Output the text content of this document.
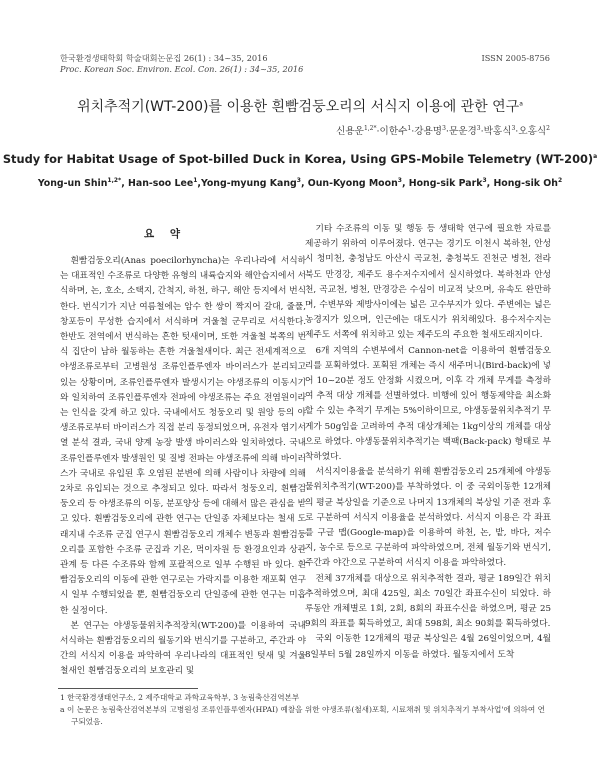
한국환경생태학회 학술대회논문집 26(1) : 34~35, 2016
Proc. Korean Soc. Environ. Ecol. Con. 26(1) : 34~35, 2016
ISSN 2005-8756
위치추적기(WT-200)를 이용한 흰빰검둥오리의 서식지 이용에 관한 연구$^a$
신용운$^{1,2*}$·이한수$^1$·강용명$^3$·문운경$^3$·박홍식$^3$·오홍식$^2$
Study for Habitat Usage of Spot-billed Duck in Korea, Using GPS-Mobile Telemetry $(WT-200)^a$
Yong-un Shin$^{1,2*}$, Han-soo Lee$^1$,Yong-myung Kang$^3$, Oun-Kyong Moon$^3$, Hong-sik Park$^3$, Hong-sik Oh$^2$
요 약

흰빰검둥오리(Anas poecilorhyncha)는 우리나라에 서식하는 대표적인 수조류로 다양한 유형의 내륙습지와 해안습지에서 서식하며, 논, 호소, 소택지, 간척지, 하천, 하구, 해안 등지에서 번식한다. 번식기가 지난 여름철에는 암수 한 쌍이 짝지어 갈대, 줄풀, 창포등이 무성한 습지에서 서식하며 겨울철 군무리로 서식한다. 한반도 전역에서 번식하는 흔한 텃새이며, 또한 겨울철 북쪽의 번식 집단이 남하 월동하는 흔한 겨울철새이다. 최근 전세계적으로 야생조류로부터 고병원성 조류인플루엔자 바이러스가 분리되고 있는 상황이며, 조류인플루엔자 발생시기는 야생조류의 이동시기와 일치하여 조류인플루엔자 전파에 야생조류는 주요 전염원이라는 인식을 갖게 하고 있다. 국내에서도 청둥오리 및 원앙 등의 야생조류로부터 바이러스가 직접 분리 동정되었으며, 유전자 염기서열 분석 결과, 국내 양계 농장 발생 바이러스와 일치하였다. 국내 조류인플루엔자 발생원인 및 질병 전파는 야생조류에 의해 바이러스가 국내로 유입된 후 오염된 분변에 의해 사람이나 차량에 의해 2차로 유입되는 것으로 추정되고 있다. 따라서 청둥오리, 흰빰검둥오리 등 야생조류의 이동, 분포양상 등에 대해서 많은 관심을 받고 있다. 흰빰검둥오리에 관한 연구는 단일종 자체보다는 철새 도래지내 수조류 군집 연구시 흰빰검둥오리 개체수 변동과 흰빰검둥오리를 포함한 수조류 군집과 기온, 먹이자원 등 환경요인과 상관관계 등 다른 수조류와 함께 포괄적으로 일부 수행된 바 있다. 흰빰검둥오리의 이동에 관한 연구로는 가락지를 이용한 재포획 연구시 일부 수행되었을 뿐, 흰빰검둥오리 단일종에 관한 연구는 미흡한 실정이다.

본 연구는 야생동물위치추적장치(WT-200)를 이용하여 국내 서식하는 흰빰검둥오리의 월동기와 번식기를 구분하고, 주간과 야간의 서식지 이용을 파악하여 우리나라의 대표적인 텃새 및 겨울철새인 흰빰검둥오리의 보호관리 및

기타 수조류의 이동 및 행동 등 생태학 연구에 필요한 자료를 제공하기 위하여 이루어졌다. 연구는 경기도 이천시 복하천, 안성시 청미천, 충청남도 아산시 곡교천, 충청북도 진천군 병천, 전라북도 만경강, 제주도 용수저수지에서 실시하였다. 복하천과 안성천, 곡교천, 병천, 만경강은 수심이 비교적 낮으며, 유속도 완만하며, 수변부와 제방사이에는 넓은 고수부지가 있다. 주변에는 넓은 농경지가 있으며, 인근에는 대도시가 위치해있다. 용수저수지는 제주도 서쪽에 위치하고 있는 제주도의 주요한 철새도래지이다.

6개 지역의 수변부에서 Cannon-net을 이용하여 흰빰검둥오리를 포획하였다. 포획된 개체는 즉시 새주머니(Bird-back)에 넣어 10~20분 정도 안정화 시켰으며, 이후 각 개체 무게를 측정하여 추적 대상 개체를 선별하였다. 비행에 있어 행동제약을 최소화 할 수 있는 추적기 무게는 5%이하이므로, 야생동물위치추적기 무게가 50g임을 고려하여 추적 대상개체는 1kg이상의 개체를 대상으로 하였다. 야생동물위치추적기는 백팩(Back-pack) 형태로 부착하였다.

서식지이용율을 분석하기 위해 흰빰검둥오리 25개체에 야생동물위치추적기(WT-200)를 부착하였다. 이 중 국외이동한 12개체의 평균 북상일을 기준으로 나머지 13개체의 북상일 기준 전과 후로 구분하여 서식지 이용율을 분석하였다. 서식지 이용은 각 좌표를 구글 맵(Google-map)을 이용하여 하천, 논, 밭, 바다, 저수지, 농수로 등으로 구분하여 파악하였으며, 전체 월동기와 번식기, 주간과 야간으로 구분하여 서식지 이용을 파악하였다.

전체 37개체를 대상으로 위치추적한 결과, 평균 189일간 위치추적하였으며, 최대 425일, 최소 70일간 좌표수신이 되었다. 하루동안 개체별로 1회, 2회, 8회의 좌표수신을 하였으며, 평균 259회의 좌표를 획득하였고, 최대 598회, 최소 90회를 획득하였다.

국외 이동한 12개체의 평균 북상일은 4월 26일이었으며, 4월 8일부터 5월 28일까지 이동을 하였다. 월동지에서 도착

1 한국환경생태연구소, 2 제주대학교 과학교육학부, 3 농림축산검역본부
a 이 논문은 농림축산검역본부의 고병원성 조류인플루엔자(HPAI) 예찰을 위한 야생조류(철새)포획, 시료채취 및 위치추적기 부착사업'에 의하여 연구되었음.
